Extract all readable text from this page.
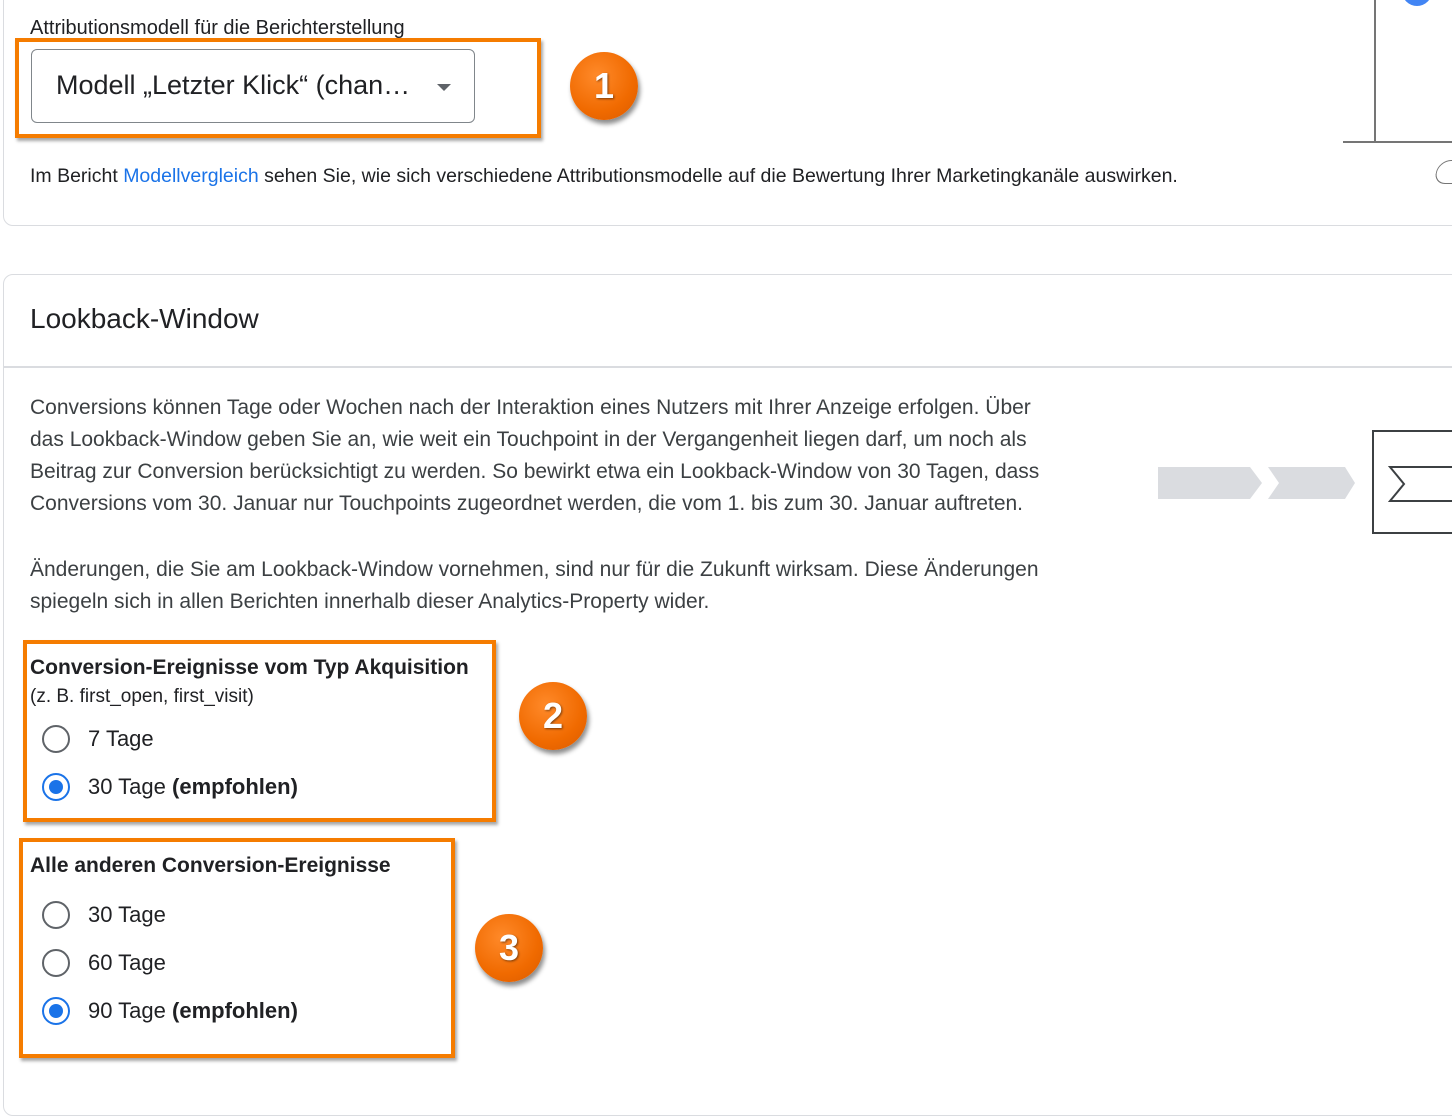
Attributionsmodell für die Berichterstellung
Modell „Letzter Klick“ (chan…	1
Im Bericht Modellvergleich sehen Sie, wie sich verschiedene Attributionsmodelle auf die Bewertung Ihrer Marketingkanäle auswirken.
Lookback-Window
Conversions können Tage oder Wochen nach der Interaktion eines Nutzers mit Ihrer Anzeige erfolgen. Über
das Lookback-Window geben Sie an, wie weit ein Touchpoint in der Vergangenheit liegen darf, um noch als
Beitrag zur Conversion berücksichtigt zu werden. So bewirkt etwa ein Lookback-Window von 30 Tagen, dass
Conversions vom 30. Januar nur Touchpoints zugeordnet werden, die vom 1. bis zum 30. Januar auftreten.
Änderungen, die Sie am Lookback-Window vornehmen, sind nur für die Zukunft wirksam. Diese Änderungen
spiegeln sich in allen Berichten innerhalb dieser Analytics-Property wider.
Conversion-Ereignisse vom Typ Akquisition
(z. B. first_open, first_visit)
7 Tage
30 Tage (empfohlen)
2
Alle anderen Conversion-Ereignisse
30 Tage
60 Tage
90 Tage (empfohlen)
3
